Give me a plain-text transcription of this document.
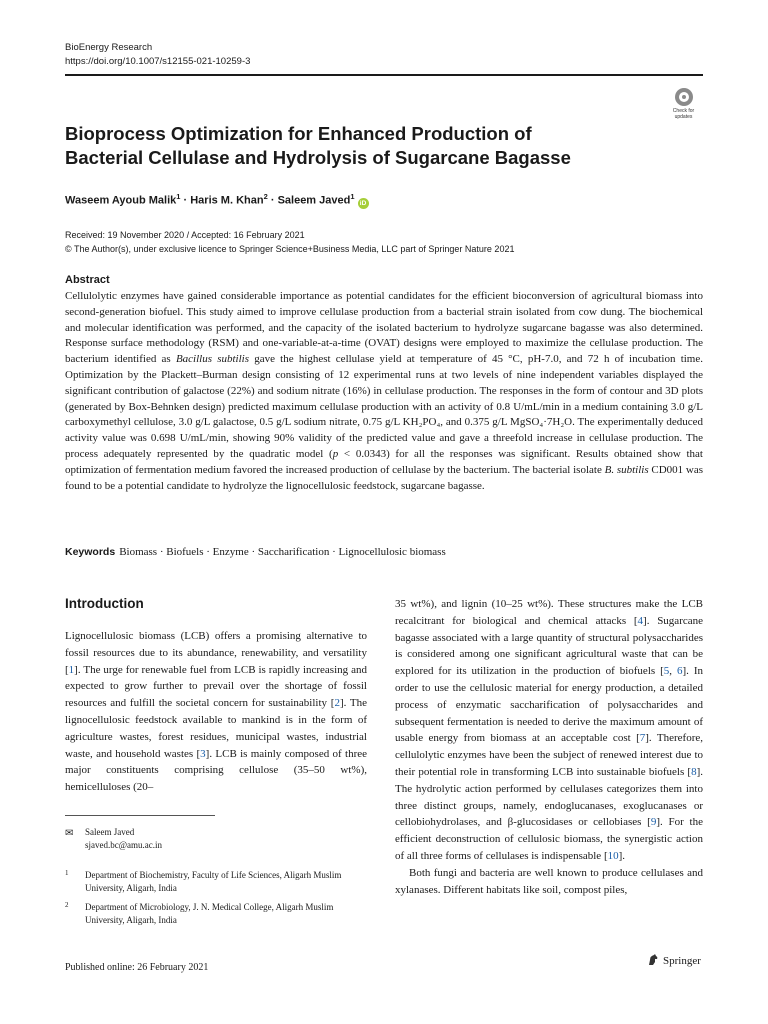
BioEnergy Research
https://doi.org/10.1007/s12155-021-10259-3
Check for
updates
Bioprocess Optimization for Enhanced Production of Bacterial Cellulase and Hydrolysis of Sugarcane Bagasse
Waseem Ayoub Malik$^1$ · Haris M. Khan$^2$ · Saleem Javed$^1$iD
Received: 19 November 2020 / Accepted: 16 February 2021
© The Author(s), under exclusive licence to Springer Science+Business Media, LLC part of Springer Nature 2021
Abstract
Cellulolytic enzymes have gained considerable importance as potential candidates for the efficient bioconversion of agricultural biomass into second-generation biofuel. This study aimed to improve cellulase production from a bacterial strain isolated from cow dung. The biochemical and molecular identification was performed, and the capacity of the isolated bacterium to hydrolyze sugarcane bagasse was also determined. Response surface methodology (RSM) and one-variable-at-a-time (OVAT) designs were employed to maximize the cellulase production. The bacterium identified as Bacillus subtilis gave the highest cellulase yield at temperature of 45 °C, pH-7.0, and 72 h of incubation time. Optimization by the Plackett–Burman design consisting of 12 experimental runs at two levels of nine independent variables displayed the significant contribution of galactose (22%) and sodium nitrate (16%) in cellulase production. The responses in the form of contour and 3D plots (generated by Box-Behnken design) predicted maximum cellulase production with an activity of 0.8 U/mL/min in a medium containing 3.0 g/L carboxymethyl cellulose, 3.0 g/L galactose, 0.5 g/L sodium nitrate, 0.75 g/L KH₂PO₄, and 0.375 g/L MgSO₄·7H₂O. The experimentally deduced activity value was 0.698 U/mL/min, showing 90% validity of the predicted value and gave a threefold increase in cellulase production. The process adequately represented by the quadratic model (p < 0.0343) for all the responses was significant. Results obtained show that optimization of fermentation medium favored the increased production of cellulase by the bacterium. The bacterial isolate B. subtilis CD001 was found to be a potential candidate to hydrolyze the lignocellulosic feedstock, sugarcane bagasse.
Keywords Biomass · Biofuels · Enzyme · Saccharification · Lignocellulosic biomass
Introduction

Lignocellulosic biomass (LCB) offers a promising alternative to fossil resources due to its abundance, renewability, and versatility [1]. The urge for renewable fuel from LCB is rapidly increasing and expected to grow further to prevail over the shortage of fossil resources and fulfill the societal concern for sustainability [2]. The lignocellulosic feedstock available to mankind is in the form of agriculture wastes, forest residues, municipal wastes, industrial waste, and household wastes [3]. LCB is mainly composed of three major constituents comprising cellulose (35–50 wt%), hemicelluloses (20–

35 wt%), and lignin (10–25 wt%). These structures make the LCB recalcitrant for biological and chemical attacks [4]. Sugarcane bagasse associated with a large quantity of structural polysaccharides is considered among one significant agricultural waste that can be explored for its utilization in the production of biofuels [5, 6]. In order to use the cellulosic material for energy production, a detailed process of enzymatic saccharification of polysaccharides and subsequent fermentation is needed to derive the maximum amount of usable energy from biomass at an acceptable cost [7]. Therefore, cellulolytic enzymes have been the subject of renewed interest due to their potential role in transforming LCB into sustainable biofuels [8]. The hydrolytic action performed by cellulases categorizes them into three distinct groups, namely, endoglucanases, exoglucanases or cellobiohydrolases, and β-glucosidases or cellobiases [9]. For the efficient deconstruction of cellulosic biomass, the synergistic action of all three forms of cellulases is indispensable [10].

Both fungi and bacteria are well known to produce cellulases and xylanases. Different habitats like soil, compost piles,

✉ Saleem Javed
sjaved.bc@amu.ac.in
1 Department of Biochemistry, Faculty of Life Sciences, Aligarh Muslim University, Aligarh, India
2 Department of Microbiology, J. N. Medical College, Aligarh Muslim University, Aligarh, India
Published online: 26 February 2021
Springer
